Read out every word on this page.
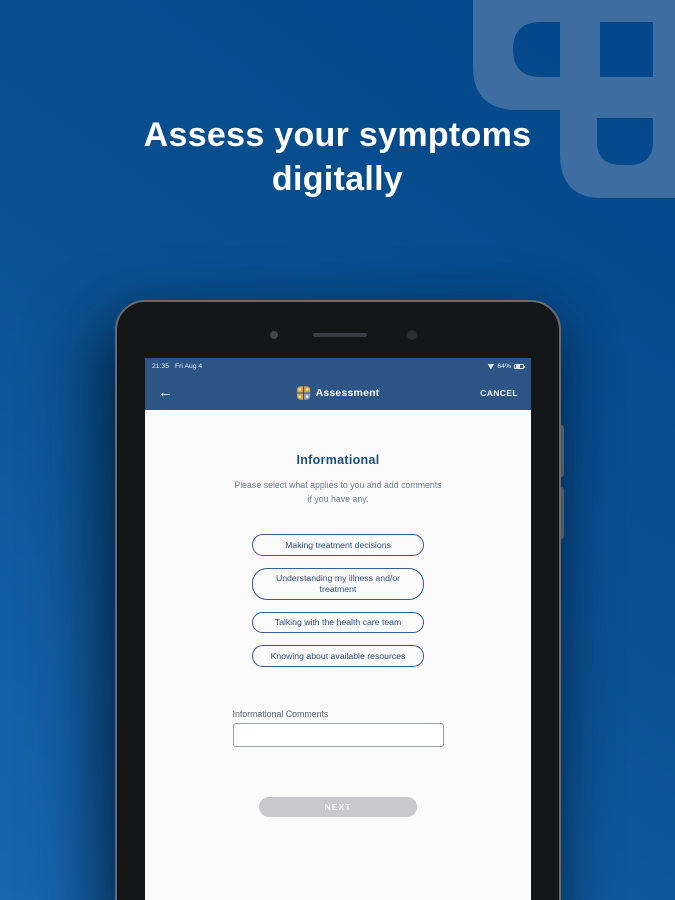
Assess your symptoms
digitally
21:35 Fri Aug 4	64%
←	Assessment	CANCEL
Informational
Please select what applies to you and add comments
if you have any.
Making treatment decisions
Understanding my illness and/or treatment
Talking with the health care team
Knowing about available resources
Informational Comments
NEXT
